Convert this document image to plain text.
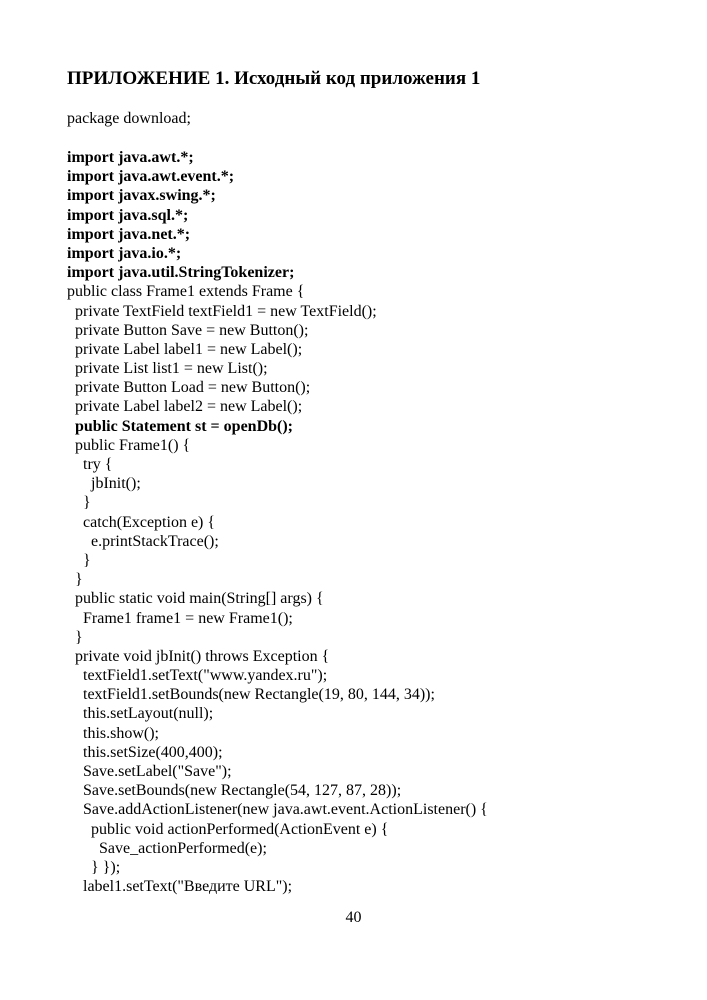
ПРИЛОЖЕНИЕ 1. Исходный код приложения 1
package download;
import java.awt.*;
import java.awt.event.*;
import javax.swing.*;
import java.sql.*;
import java.net.*;
import java.io.*;
import java.util.StringTokenizer;
public class Frame1 extends Frame {
private TextField textField1 = new TextField();
private Button Save = new Button();
private Label label1 = new Label();
private List list1 = new List();
private Button Load = new Button();
private Label label2 = new Label();
public Statement st = openDb();
public Frame1() {
try {
jbInit();
}
catch(Exception e) {
e.printStackTrace();
}
}
public static void main(String[] args) {
Frame1 frame1 = new Frame1();
}
private void jbInit() throws Exception {
textField1.setText("www.yandex.ru");
textField1.setBounds(new Rectangle(19, 80, 144, 34));
this.setLayout(null);
this.show();
this.setSize(400,400);
Save.setLabel("Save");
Save.setBounds(new Rectangle(54, 127, 87, 28));
Save.addActionListener(new java.awt.event.ActionListener() {
public void actionPerformed(ActionEvent e) {
Save_actionPerformed(e);
} });
label1.setText("Введите URL");
40
